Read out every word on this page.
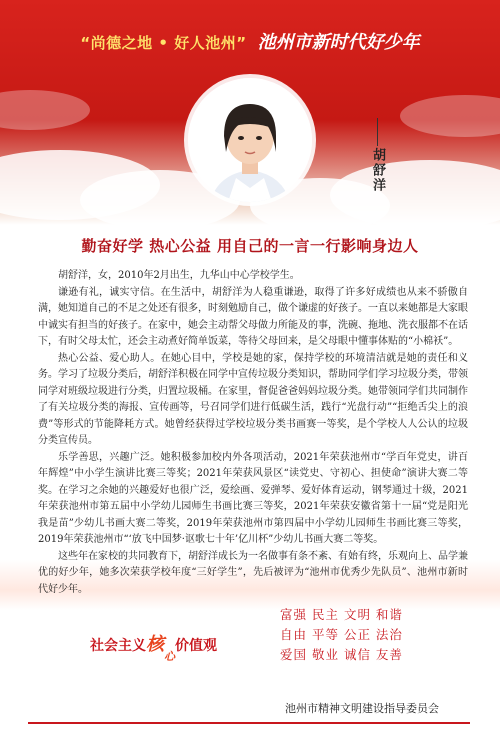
“尚德之地 • 好人池州” 池州市新时代好少年
胡舒洋
勤奋好学 热心公益 用自己的一言一行影响身边人

胡舒洋，女，2010年2月出生，九华山中心学校学生。

谦逊有礼，诚实守信。在生活中，胡舒洋为人稳重谦逊，取得了许多好成绩也从来不骄傲自满，她知道自己的不足之处还有很多，时刻勉励自己，做个谦虚的好孩子。一直以来她都是大家眼中诚实有担当的好孩子。在家中，她会主动帮父母做力所能及的事，洗碗、拖地、洗衣服都不在话下，有时父母太忙，还会主动煮好简单饭菜，等待父母回来，是父母眼中懂事体贴的“小棉袄”。

热心公益、爱心助人。在她心目中，学校是她的家，保持学校的环境清洁就是她的责任和义务。学习了垃圾分类后，胡舒洋积极在同学中宣传垃圾分类知识，帮助同学们学习垃圾分类，带领同学对班级垃圾进行分类，归置垃圾桶。在家里，督促爸爸妈妈垃圾分类。她带领同学们共同制作了有关垃圾分类的海报、宣传画等，号召同学们进行低碳生活，践行“光盘行动”“拒绝舌尖上的浪费”等形式的节能降耗方式。她曾经获得过学校垃圾分类书画赛一等奖，是个学校人人公认的垃圾分类宣传员。

乐学善思，兴趣广泛。她积极参加校内外各项活动，2021年荣获池州市“学百年党史，讲百年辉煌”中小学生演讲比赛三等奖；2021年荣获风景区“读党史、守初心、担使命”演讲大赛二等奖。在学习之余她的兴趣爱好也很广泛，爱绘画、爱弹琴、爱好体育运动，钢琴通过十级，2021年荣获池州市第五届中小学幼儿园师生书画比赛三等奖，2021年荣获安徽省第十一届“党是阳光我是苗”少幼儿书画大赛二等奖，2019年荣获池州市第四届中小学幼儿园师生书画比赛三等奖，2019年荣获池州市“‘放飞中国梦·讴歌七十年’亿川杯”少幼儿书画大赛二等奖。

这些年在家校的共同教育下，胡舒洋成长为一名做事有条不紊、有始有终，乐观向上、品学兼优的好少年，她多次荣获学校年度“三好学生”，先后被评为“池州市优秀少先队员”、池州市新时代好少年。

社会主义核$_心$价值观
富强 民主 文明 和谐
自由 平等 公正 法治
爱国 敬业 诚信 友善
池州市精神文明建设指导委员会
